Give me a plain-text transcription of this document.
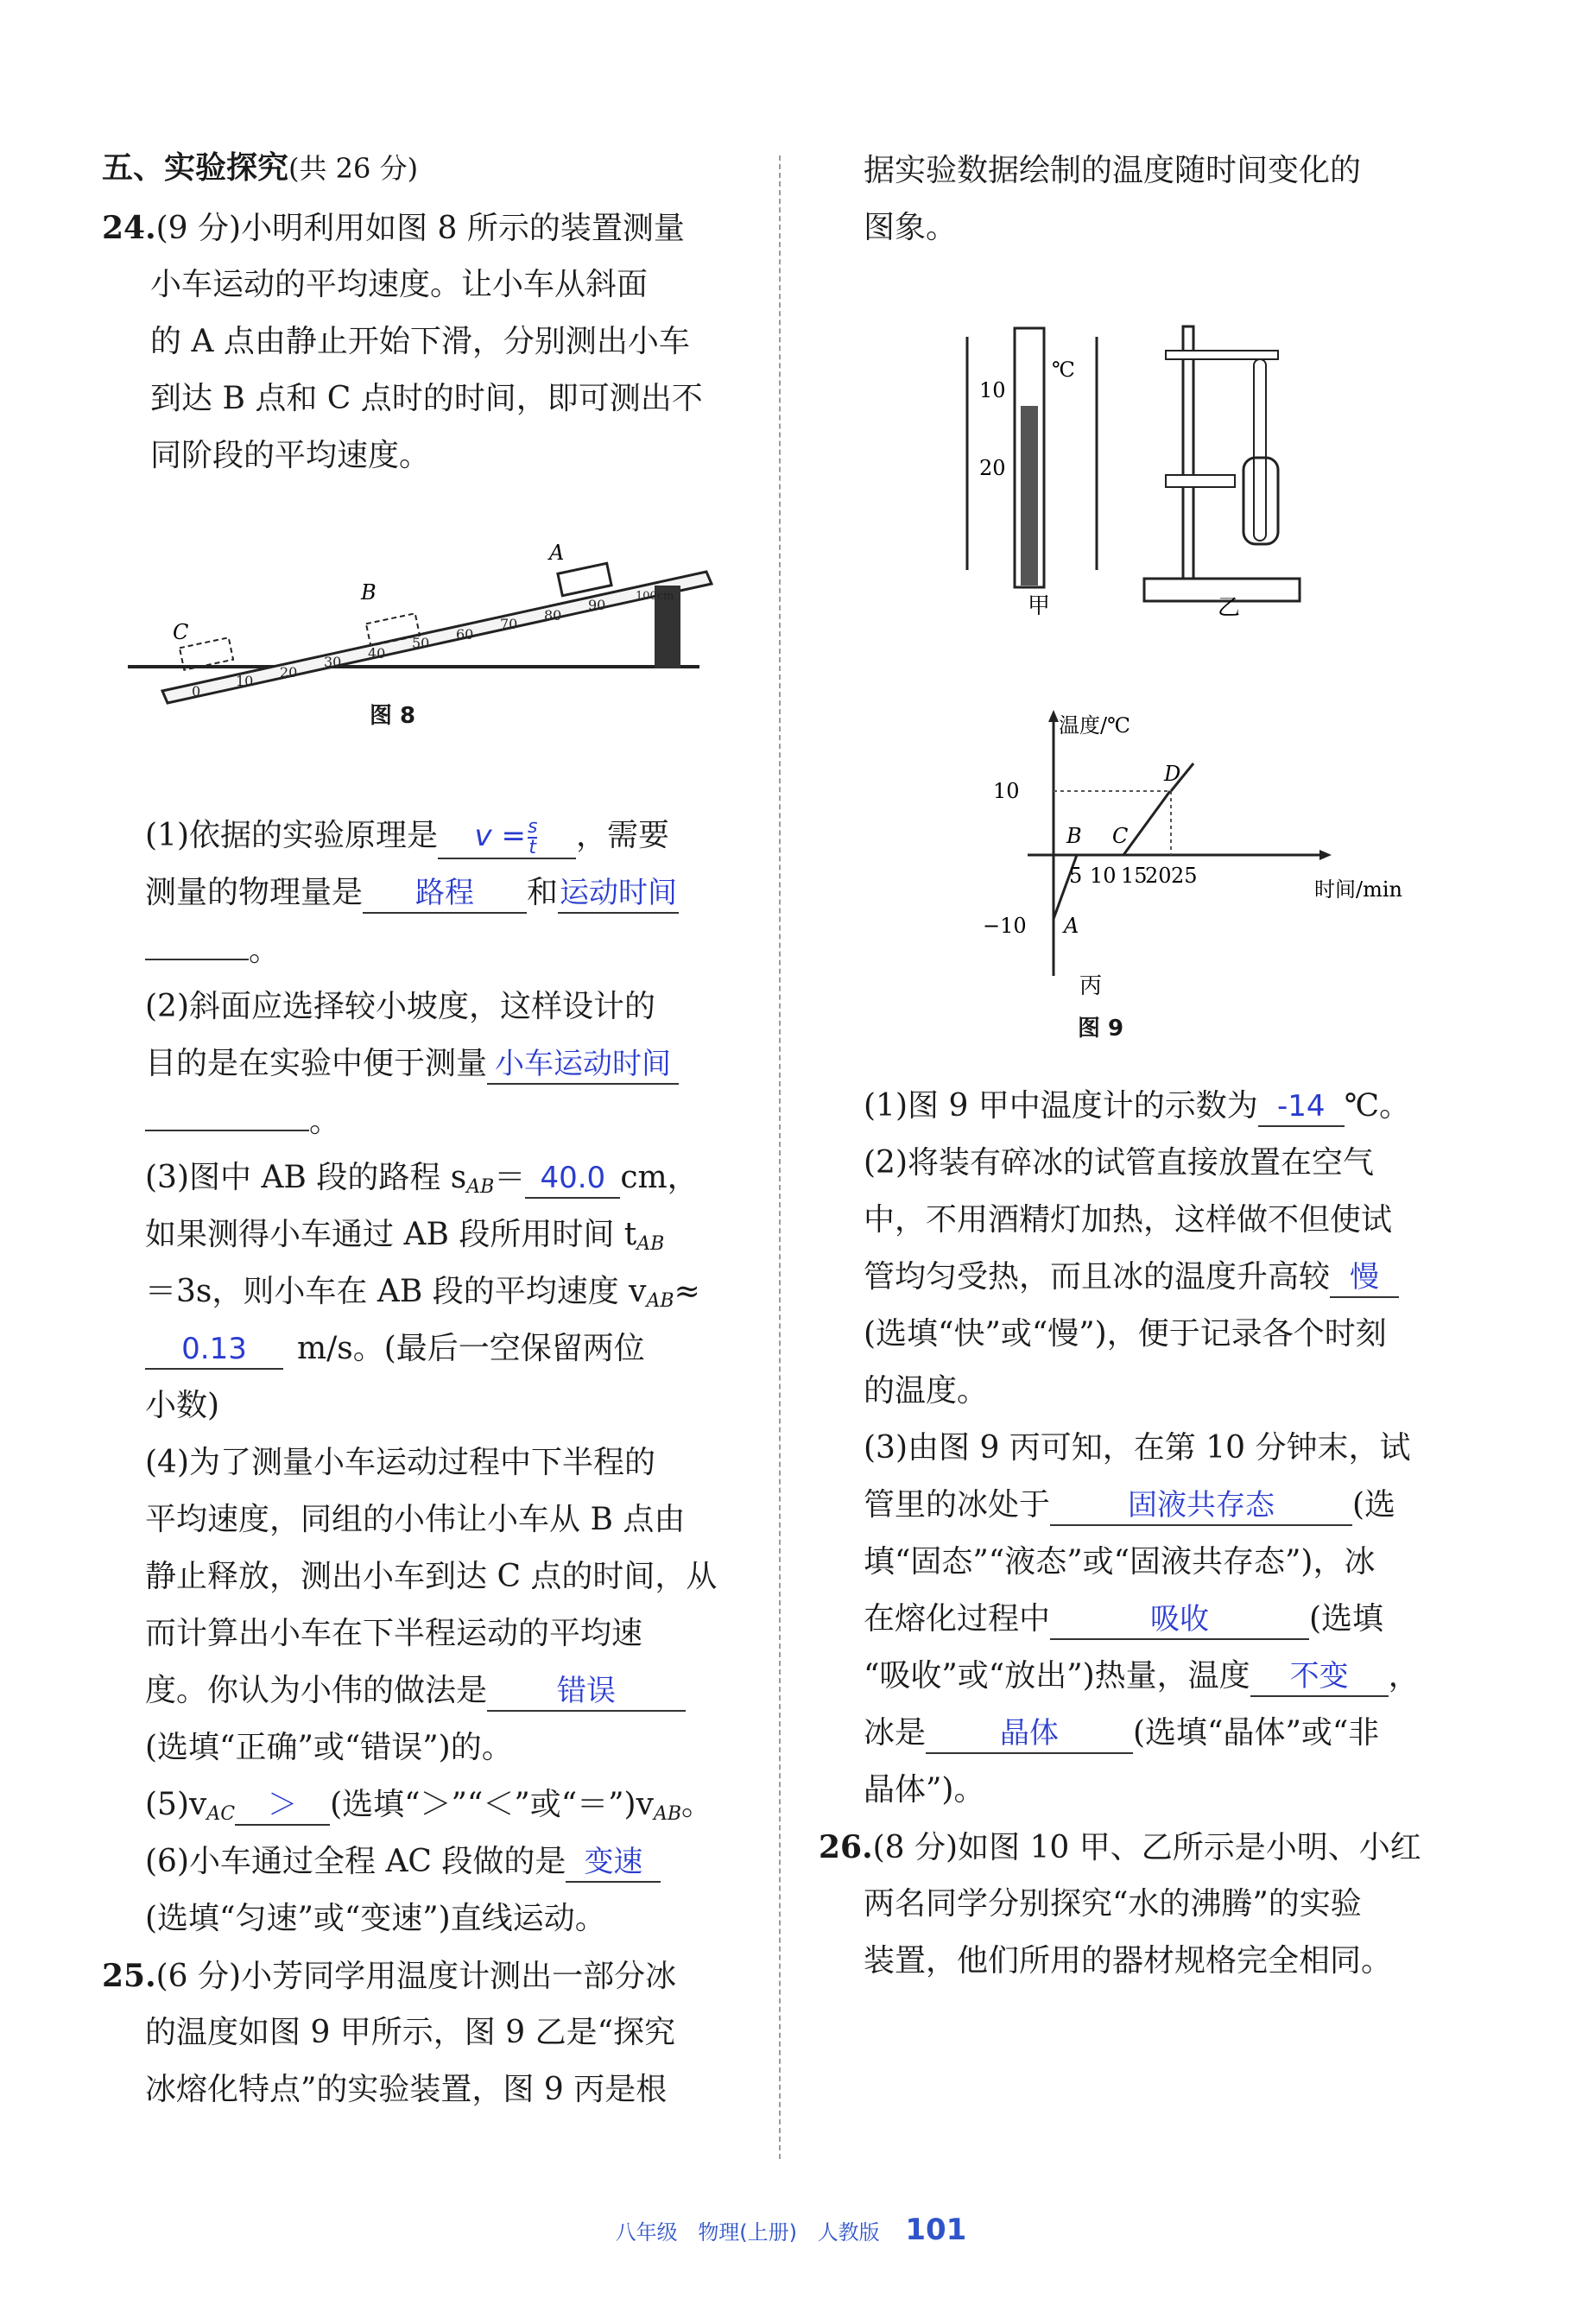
五、实验探究(共 26 分)
24.(9 分)小明利用如图 8 所示的装置测量
小车运动的平均速度。让小车从斜面
的 A 点由静止开始下滑，分别测出小车
到达 B 点和 C 点时的时间，即可测出不
同阶段的平均速度。
0
10
20
30
40
50
60
70
80
90
100cm
A
B
C
图 8
(1)依据的实验原理是 $v = \frac{s}{t}$ ，需要
测量的物理量是 路程 和运动时间
。
(2)斜面应选择较小坡度，这样设计的
目的是在实验中便于测量 小车运动时间
。
(3)图中 AB 段的路程 $s_{AB}= 40.0$ cm，
如果测得小车通过 AB 段所用时间 $t_{AB}$
＝3s，则小车在 AB 段的平均速度 $v_{AB}\approx$
0.13 m/s。(最后一空保留两位
小数)
(4)为了测量小车运动过程中下半程的
平均速度，同组的小伟让小车从 B 点由
静止释放，测出小车到达 C 点的时间，从
而计算出小车在下半程运动的平均速
度。你认为小伟的做法是 错误
(选填“正确”或“错误”)的。
$(5)v_{AC}$ ＞ (选填“＞”“＜”或“$=”)v_{AB}$。
(6)小车通过全程 AC 段做的是 变速
(选填“匀速”或“变速”)直线运动。
25.(6 分)小芳同学用温度计测出一部分冰
的温度如图 9 甲所示，图 9 乙是“探究
冰熔化特点”的实验装置，图 9 丙是根
据实验数据绘制的温度随时间变化的
图象。
10
20
℃
甲	乙
温度/℃
时间/min
10
−10
5 10 15
20 25
A
B C
D
丙
图 9
(1)图 9 甲中温度计的示数为 -14 ℃。
(2)将装有碎冰的试管直接放置在空气
中，不用酒精灯加热，这样做不但使试
管均匀受热，而且冰的温度升高较 慢
(选填“快”或“慢”)，便于记录各个时刻
的温度。
(3)由图 9 丙可知，在第 10 分钟末，试
管里的冰处于	固液共存态	(选
填“固态”“液态”或“固液共存态”)，冰
在熔化过程中	吸收	(选填
“吸收”或“放出”)热量，温度 不变 ，
冰是	晶体 (选填“晶体”或“非
晶体”)。
26.(8 分)如图 10 甲、乙所示是小明、小红
两名同学分别探究“水的沸腾”的实验
装置，他们所用的器材规格完全相同。
八年级 物理(上册) 人教版 101
